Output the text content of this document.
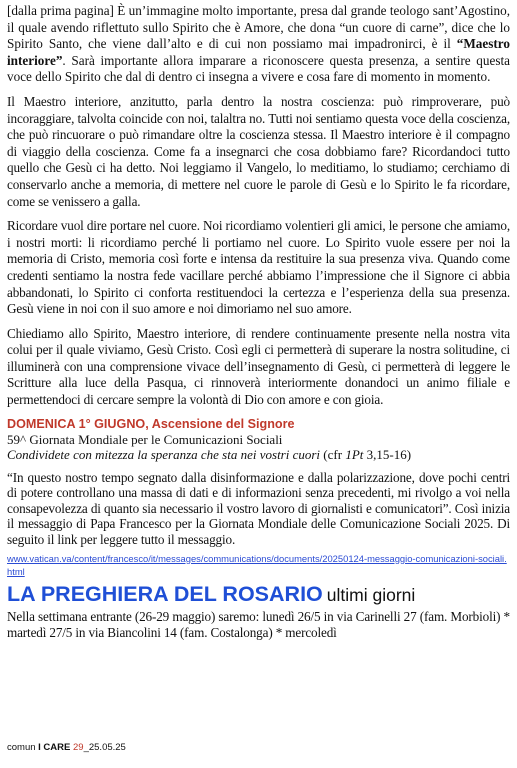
[dalla prima pagina] È un’immagine molto importante, presa dal grande teologo sant’Agostino, il quale avendo riflettuto sullo Spirito che è Amore, che dona “un cuore di carne”, dice che lo Spirito Santo, che viene dall’alto e di cui non possiamo mai impadronirci, è il “Maestro interiore”. Sarà importante allora imparare a riconoscere questa presenza, a sentire questa voce dello Spirito che dal di dentro ci insegna a vivere e cosa fare di momento in momento.

Il Maestro interiore, anzitutto, parla dentro la nostra coscienza: può rimproverare, può incoraggiare, talvolta coincide con noi, talaltra no. Tutti noi sentiamo questa voce della coscienza, che può rincuorare o può rimandare oltre la coscienza stessa. Il Maestro interiore è il compagno di viaggio della coscienza. Come fa a insegnarci che cosa dobbiamo fare? Ricordandoci tutto quello che Gesù ci ha detto. Noi leggiamo il Vangelo, lo meditiamo, lo studiamo; cerchiamo di conservarlo anche a memoria, di mettere nel cuore le parole di Gesù e lo Spirito le fa ricordare, come se venissero a galla.

Ricordare vuol dire portare nel cuore. Noi ricordiamo volentieri gli amici, le persone che amiamo, i nostri morti: li ricordiamo perché li portiamo nel cuore. Lo Spirito vuole essere per noi la memoria di Cristo, memoria così forte e intensa da restituire la sua presenza viva. Quando come credenti sentiamo la nostra fede vacillare perché abbiamo l’impressione che il Signore ci abbia abbandonati, lo Spirito ci conforta restituendoci la certezza e l’esperienza della sua presenza. Gesù viene in noi con il suo amore e noi dimoriamo nel suo amore.

Chiediamo allo Spirito, Maestro interiore, di rendere continuamente presente nella nostra vita colui per il quale viviamo, Gesù Cristo. Così egli ci permetterà di superare la nostra solitudine, ci illuminerà con una comprensione vivace dell’insegnamento di Gesù, ci permetterà di leggere le Scritture alla luce della Pasqua, ci rinnoverà interiormente donandoci un animo filiale e permettendoci di cercare sempre la volontà di Dio con amore e con gioia.

DOMENICA 1° GIUGNO, Ascensione del Signore
59^ Giornata Mondiale per le Comunicazioni Sociali
Condividete con mitezza la speranza che sta nei vostri cuori (cfr 1Pt 3,15-16)

“In questo nostro tempo segnato dalla disinformazione e dalla polarizzazione, dove pochi centri di potere controllano una massa di dati e di informazioni senza precedenti, mi rivolgo a voi nella consapevolezza di quanto sia necessario il vostro lavoro di giornalisti e comunicatori”. Così inizia il messaggio di Papa Francesco per la Giornata Mondiale delle Comunicazione Sociali 2025. Di seguito il link per leggere tutto il messaggio.

www.vatican.va/content/francesco/it/messages/communications/documents/20250124-messaggio-comunicazioni-sociali.html
LA PREGHIERA DEL ROSARIO ultimi giorni

Nella settimana entrante (26-29 maggio) saremo: lunedì 26/5 in via Carinelli 27 (fam. Morbioli) * martedì 27/5 in via Biancolini 14 (fam. Costalonga) * mercoledì

comun I CARE 29_25.05.25
